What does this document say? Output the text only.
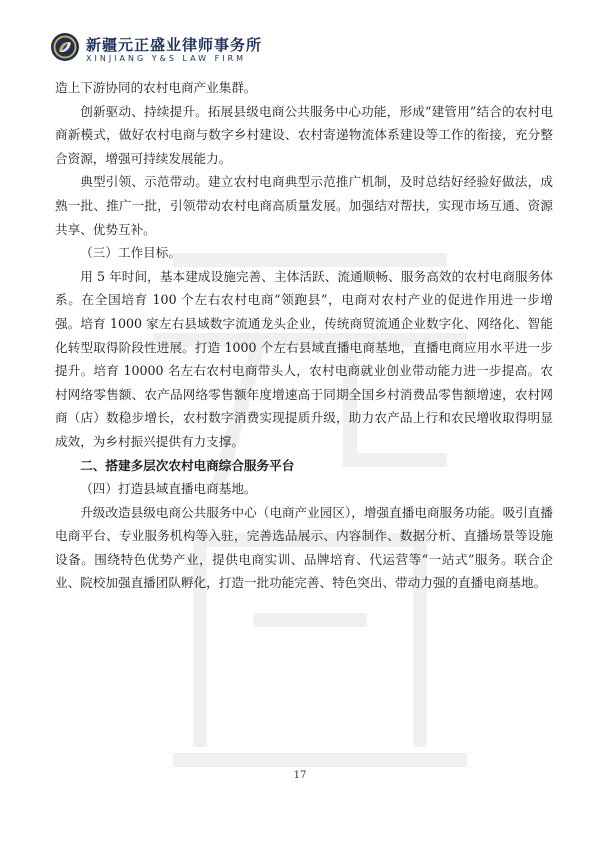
新疆元正盛业律师事务所
XINJIANG Y&S LAW FIRM

造上下游协同的农村电商产业集群。

创新驱动、持续提升。拓展县级电商公共服务中心功能，形成“建管用”结合的农村电商新模式，做好农村电商与数字乡村建设、农村寄递物流体系建设等工作的衔接，充分整合资源，增强可持续发展能力。

典型引领、示范带动。建立农村电商典型示范推广机制，及时总结好经验好做法，成熟一批、推广一批，引领带动农村电商高质量发展。加强结对帮扶，实现市场互通、资源共享、优势互补。

（三）工作目标。

用 5 年时间，基本建成设施完善、主体活跃、流通顺畅、服务高效的农村电商服务体系。在全国培育 100 个左右农村电商“领跑县”，电商对农村产业的促进作用进一步增强。培育 1000 家左右县域数字流通龙头企业，传统商贸流通企业数字化、网络化、智能化转型取得阶段性进展。打造 1000 个左右县域直播电商基地，直播电商应用水平进一步提升。培育 10000 名左右农村电商带头人，农村电商就业创业带动能力进一步提高。农村网络零售额、农产品网络零售额年度增速高于同期全国乡村消费品零售额增速，农村网商（店）数稳步增长，农村数字消费实现提质升级，助力农产品上行和农民增收取得明显成效，为乡村振兴提供有力支撑。

二、搭建多层次农村电商综合服务平台

（四）打造县域直播电商基地。

升级改造县级电商公共服务中心（电商产业园区），增强直播电商服务功能。吸引直播电商平台、专业服务机构等入驻，完善选品展示、内容制作、数据分析、直播场景等设施设备。围绕特色优势产业，提供电商实训、品牌培育、代运营等“一站式”服务。联合企业、院校加强直播团队孵化，打造一批功能完善、特色突出、带动力强的直播电商基地。

17
